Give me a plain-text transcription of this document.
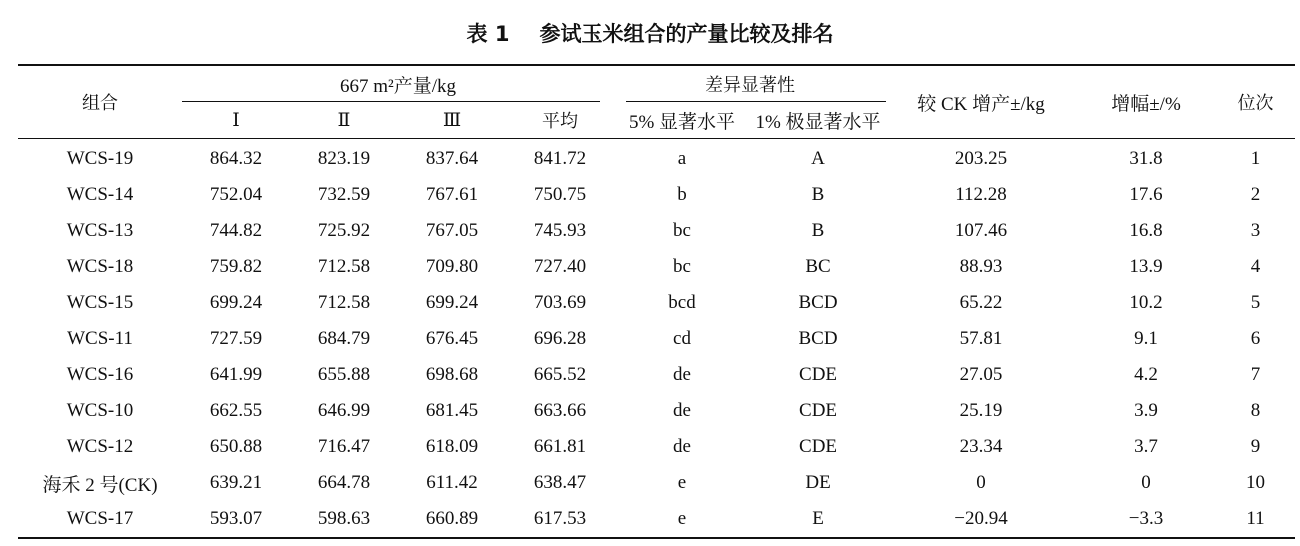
表 1 参试玉米组合的产量比较及排名
组合	667 m²产量/kg				差异显著性		较 CK 增产±/kg	增幅±/%	位次
	Ⅰ	Ⅱ	Ⅲ	平均	5% 显著水平	1% 极显著水平			
WCS-19	864.32	823.19	837.64	841.72	a	A	203.25	31.8	1
WCS-14	752.04	732.59	767.61	750.75	b	B	112.28	17.6	2
WCS-13	744.82	725.92	767.05	745.93	bc	B	107.46	16.8	3
WCS-18	759.82	712.58	709.80	727.40	bc	BC	88.93	13.9	4
WCS-15	699.24	712.58	699.24	703.69	bcd	BCD	65.22	10.2	5
WCS-11	727.59	684.79	676.45	696.28	cd	BCD	57.81	9.1	6
WCS-16	641.99	655.88	698.68	665.52	de	CDE	27.05	4.2	7
WCS-10	662.55	646.99	681.45	663.66	de	CDE	25.19	3.9	8
WCS-12	650.88	716.47	618.09	661.81	de	CDE	23.34	3.7	9
海禾 2 号(CK)	639.21	664.78	611.42	638.47	e	DE	0	0	10
WCS-17	593.07	598.63	660.89	617.53	e	E	−20.94	−3.3	11
